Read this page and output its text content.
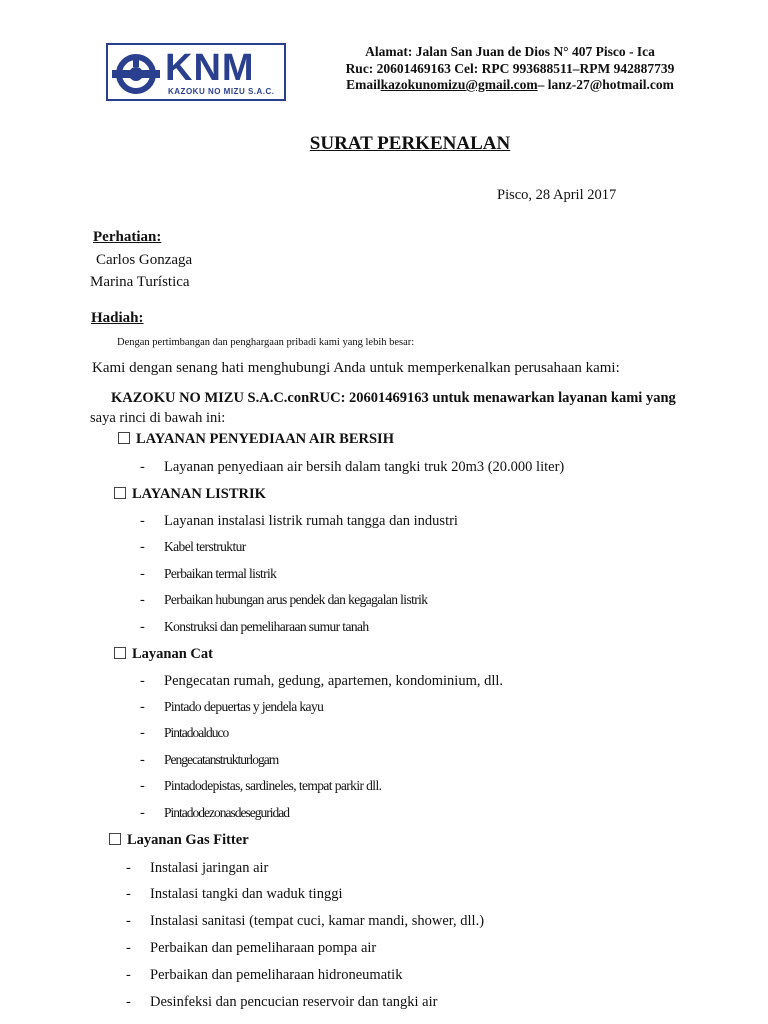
KNM
KAZOKU NO MIZU S.A.C.
Alamat: Jalan San Juan de Dios N° 407 Pisco - Ica
Ruc: 20601469163 Cel: RPC 993688511–RPM 942887739
Emailkazokunomizu@gmail.com– lanz-27@hotmail.com
SURAT PERKENALAN
Pisco, 28 April 2017
Perhatian:
Carlos Gonzaga
Marina Turística
Hadiah:
Dengan pertimbangan dan penghargaan pribadi kami yang lebih besar:
Kami dengan senang hati menghubungi Anda untuk memperkenalkan perusahaan kami:
KAZOKU NO MIZU S.A.C.conRUC: 20601469163 untuk menawarkan layanan kami yang
saya rinci di bawah ini:
LAYANAN PENYEDIAAN AIR BERSIH
- Layanan penyediaan air bersih dalam tangki truk 20m3 (20.000 liter)
LAYANAN LISTRIK
- Layanan instalasi listrik rumah tangga dan industri
- Kabel terstruktur
- Perbaikan termal listrik
- Perbaikan hubungan arus pendek dan kegagalan listrik
- Konstruksi dan pemeliharaan sumur tanah
Layanan Cat
- Pengecatan rumah, gedung, apartemen, kondominium, dll.
- Pintado depuertas y jendela kayu
- Pintadoalduco
- Pengecatanstrukturlogam
- Pintadodepistas, sardineles, tempat parkir dll.
- Pintadodezonasdeseguridad
Layanan Gas Fitter
- Instalasi jaringan air
- Instalasi tangki dan waduk tinggi
- Instalasi sanitasi (tempat cuci, kamar mandi, shower, dll.)
- Perbaikan dan pemeliharaan pompa air
- Perbaikan dan pemeliharaan hidroneumatik
- Desinfeksi dan pencucian reservoir dan tangki air
